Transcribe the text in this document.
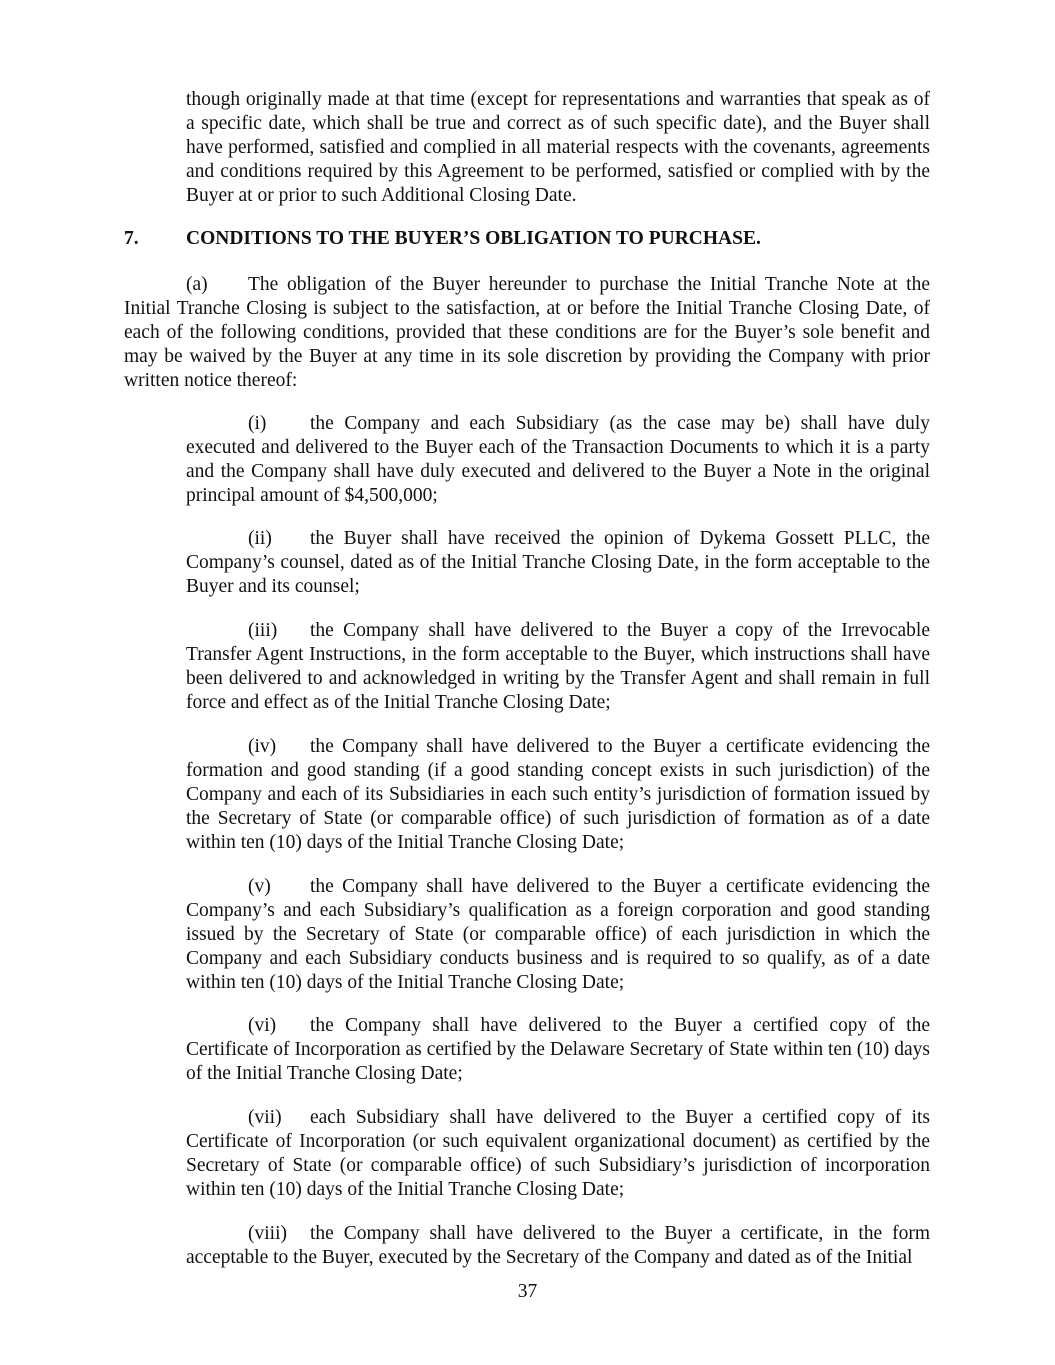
though originally made at that time (except for representations and warranties that speak as of a specific date, which shall be true and correct as of such specific date), and the Buyer shall have performed, satisfied and complied in all material respects with the covenants, agreements and conditions required by this Agreement to be performed, satisfied or complied with by the Buyer at or prior to such Additional Closing Date.

7. CONDITIONS TO THE BUYER’S OBLIGATION TO PURCHASE.

(a) The obligation of the Buyer hereunder to purchase the Initial Tranche Note at the Initial Tranche Closing is subject to the satisfaction, at or before the Initial Tranche Closing Date, of each of the following conditions, provided that these conditions are for the Buyer’s sole benefit and may be waived by the Buyer at any time in its sole discretion by providing the Company with prior written notice thereof:

(i) the Company and each Subsidiary (as the case may be) shall have duly executed and delivered to the Buyer each of the Transaction Documents to which it is a party and the Company shall have duly executed and delivered to the Buyer a Note in the original principal amount of $4,500,000;

(ii) the Buyer shall have received the opinion of Dykema Gossett PLLC, the Company’s counsel, dated as of the Initial Tranche Closing Date, in the form acceptable to the Buyer and its counsel;

(iii) the Company shall have delivered to the Buyer a copy of the Irrevocable Transfer Agent Instructions, in the form acceptable to the Buyer, which instructions shall have been delivered to and acknowledged in writing by the Transfer Agent and shall remain in full force and effect as of the Initial Tranche Closing Date;

(iv) the Company shall have delivered to the Buyer a certificate evidencing the formation and good standing (if a good standing concept exists in such jurisdiction) of the Company and each of its Subsidiaries in each such entity’s jurisdiction of formation issued by the Secretary of State (or comparable office) of such jurisdiction of formation as of a date within ten (10) days of the Initial Tranche Closing Date;

(v) the Company shall have delivered to the Buyer a certificate evidencing the Company’s and each Subsidiary’s qualification as a foreign corporation and good standing issued by the Secretary of State (or comparable office) of each jurisdiction in which the Company and each Subsidiary conducts business and is required to so qualify, as of a date within ten (10) days of the Initial Tranche Closing Date;

(vi) the Company shall have delivered to the Buyer a certified copy of the Certificate of Incorporation as certified by the Delaware Secretary of State within ten (10) days of the Initial Tranche Closing Date;

(vii) each Subsidiary shall have delivered to the Buyer a certified copy of its Certificate of Incorporation (or such equivalent organizational document) as certified by the Secretary of State (or comparable office) of such Subsidiary’s jurisdiction of incorporation within ten (10) days of the Initial Tranche Closing Date;

(viii) the Company shall have delivered to the Buyer a certificate, in the form acceptable to the Buyer, executed by the Secretary of the Company and dated as of the Initial

37
